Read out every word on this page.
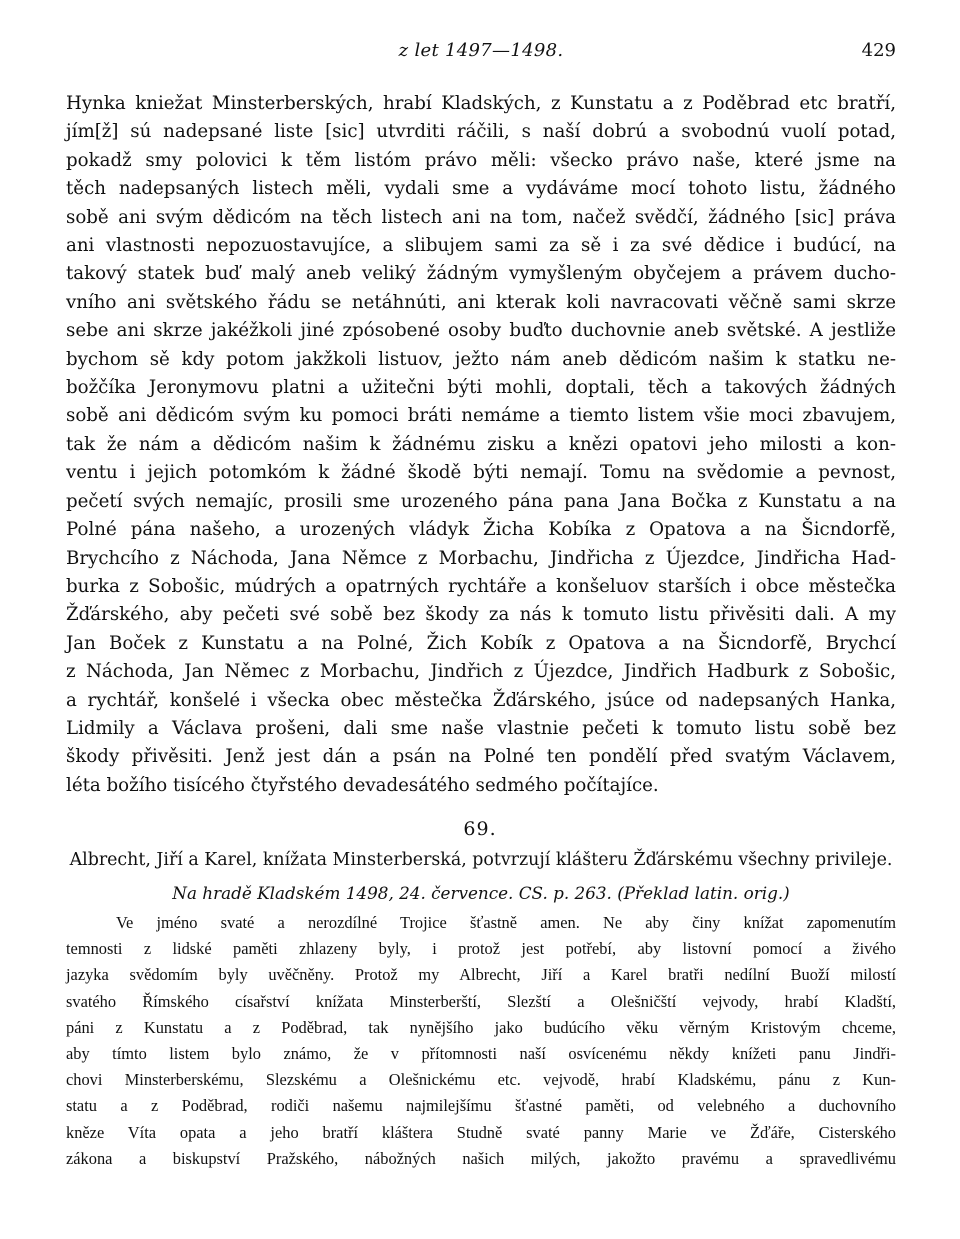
z let 1497—1498.	429
Hynka kniežat Minsterberských, hrabí Kladských, z Kunstatu a z Poděbrad etc bratří,
jím[ž] sú nadepsané liste [sic] utvrditi ráčili, s naší dobrú a svobodnú vuolí potad,
pokadž smy polovici k těm listóm právo měli: všecko právo naše, které jsme na
těch nadepsaných listech měli, vydali sme a vydáváme mocí tohoto listu, žádného
sobě ani svým dědicóm na těch listech ani na tom, načež svědčí, žádného [sic] práva
ani vlastnosti nepozuostavujíce, a slibujem sami za sě i za své dědice i budúcí, na
takový statek buď malý aneb veliký žádným vymyšleným obyčejem a právem ducho-
vního ani světského řádu se netáhnúti, ani kterak koli navracovati věčně sami skrze
sebe ani skrze jakéžkoli jiné zpósobené osoby buďto duchovnie aneb světské. A jestliže
bychom sě kdy potom jakžkoli listuov, ježto nám aneb dědicóm našim k statku ne-
božčíka Jeronymovu platni a užitečni býti mohli, doptali, těch a takových žádných
sobě ani dědicóm svým ku pomoci bráti nemáme a tiemto listem všie moci zbavujem,
tak že nám a dědicóm našim k žádnému zisku a knězi opatovi jeho milosti a kon-
ventu i jejich potomkóm k žádné škodě býti nemají. Tomu na svědomie a pevnost,
pečetí svých nemajíc, prosili sme urozeného pána pana Jana Bočka z Kunstatu a na
Polné pána našeho, a urozených vládyk Žicha Kobíka z Opatova a na Šicndorfě,
Brychcího z Náchoda, Jana Němce z Morbachu, Jindřicha z Újezdce, Jindřicha Had-
burka z Sobošic, múdrých a opatrných rychtáře a konšeluov starších i obce městečka
Žďárského, aby pečeti své sobě bez škody za nás k tomuto listu přivěsiti dali. A my
Jan Boček z Kunstatu a na Polné, Žich Kobík z Opatova a na Šicndorfě, Brychcí
z Náchoda, Jan Němec z Morbachu, Jindřich z Újezdce, Jindřich Hadburk z Sobošic,
a rychtář, konšelé i všecka obec městečka Žďárského, jsúce od nadepsaných Hanka,
Lidmily a Václava prošeni, dali sme naše vlastnie pečeti k tomuto listu sobě bez
škody přivěsiti. Jenž jest dán a psán na Polné ten pondělí před svatým Václavem,
léta božího tisícého čtyřstého devadesátého sedmého počítajíce.
69.
Albrecht, Jiří a Karel, knížata Minsterberská, potvrzují klášteru Žďárskému všechny privileje.
Na hradě Kladském 1498, 24. července. CS. p. 263. (Překlad latin. orig.)
Ve jméno svaté a nerozdílné Trojice šťastně amen. Ne aby činy knížat zapomenutím
temnosti z lidské paměti zhlazeny byly, i protož jest potřebí, aby listovní pomocí a živého
jazyka svědomím byly uvěčněny. Protož my Albrecht, Jiří a Karel bratři nedílní Buoží milostí
svatého Římského císařství knížata Minsterberští, Slezští a Olešničští vejvody, hrabí Kladští,
páni z Kunstatu a z Poděbrad, tak nynějšího jako budúcího věku věrným Kristovým chceme,
aby tímto listem bylo známo, že v přítomnosti naší osvícenému někdy knížeti panu Jindři-
chovi Minsterberskému, Slezskému a Olešnickému etc. vejvodě, hrabí Kladskému, pánu z Kun-
statu a z Poděbrad, rodiči našemu najmilejšímu šťastné paměti, od velebného a duchovního
kněze Víta opata a jeho bratří kláštera Studně svaté panny Marie ve Žďáře, Cisterského
zákona a biskupství Pražského, nábožných našich milých, jakožto pravému a spravedlivému
